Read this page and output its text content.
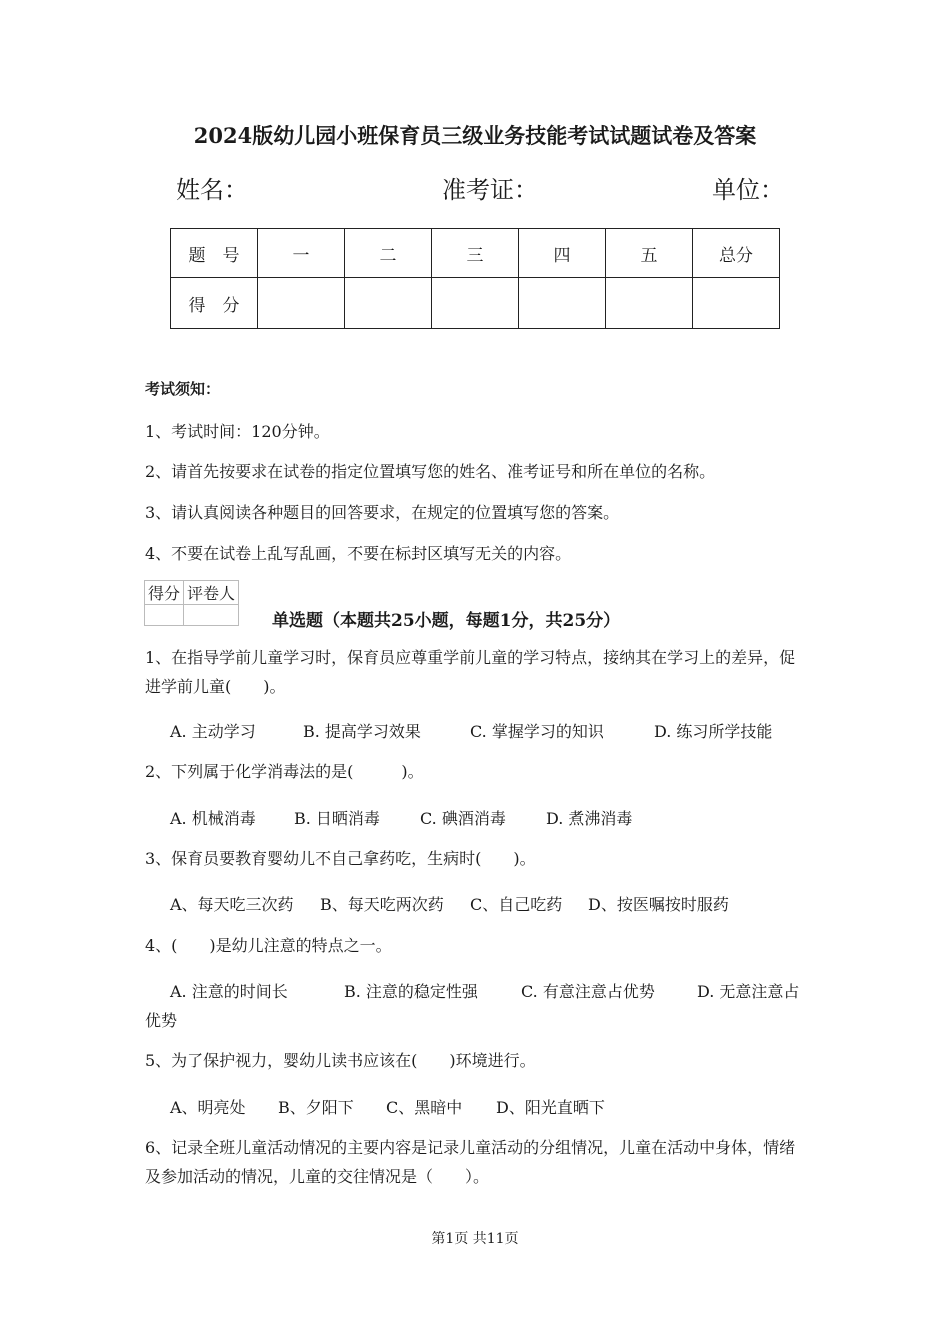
2024版幼儿园小班保育员三级业务技能考试试题试卷及答案
姓名：	准考证：	单位：
题　号	一	二	三	四	五	总分
得　分						
考试须知：
1、考试时间：120分钟。
2、请首先按要求在试卷的指定位置填写您的姓名、准考证号和所在单位的名称。
3、请认真阅读各种题目的回答要求，在规定的位置填写您的答案。
4、不要在试卷上乱写乱画，不要在标封区填写无关的内容。
得分	评卷人

单选题（本题共25小题，每题1分，共25分）
1、在指导学前儿童学习时，保育员应尊重学前儿童的学习特点，接纳其在学习上的差异，促进学前儿童(　　)。
A. 主动学习	B. 提高学习效果	C. 掌握学习的知识	D. 练习所学技能
2、下列属于化学消毒法的是(　　　)。
A. 机械消毒 B. 日晒消毒	C. 碘酒消毒	D. 煮沸消毒
3、保育员要教育婴幼儿不自己拿药吃，生病时(　　)。
A、每天吃三次药 B、每天吃两次药 C、自己吃药 D、按医嘱按时服药
4、(　　)是幼儿注意的特点之一。
A. 注意的时间长	B. 注意的稳定性强	C. 有意注意占优势	D. 无意注意占
优势
5、为了保护视力，婴幼儿读书应该在(　　)环境进行。
A、明亮处 B、夕阳下 C、黑暗中 D、阳光直晒下
6、记录全班儿童活动情况的主要内容是记录儿童活动的分组情况，儿童在活动中身体，情绪及参加活动的情况，儿童的交往情况是（　　）。
第1页 共11页
